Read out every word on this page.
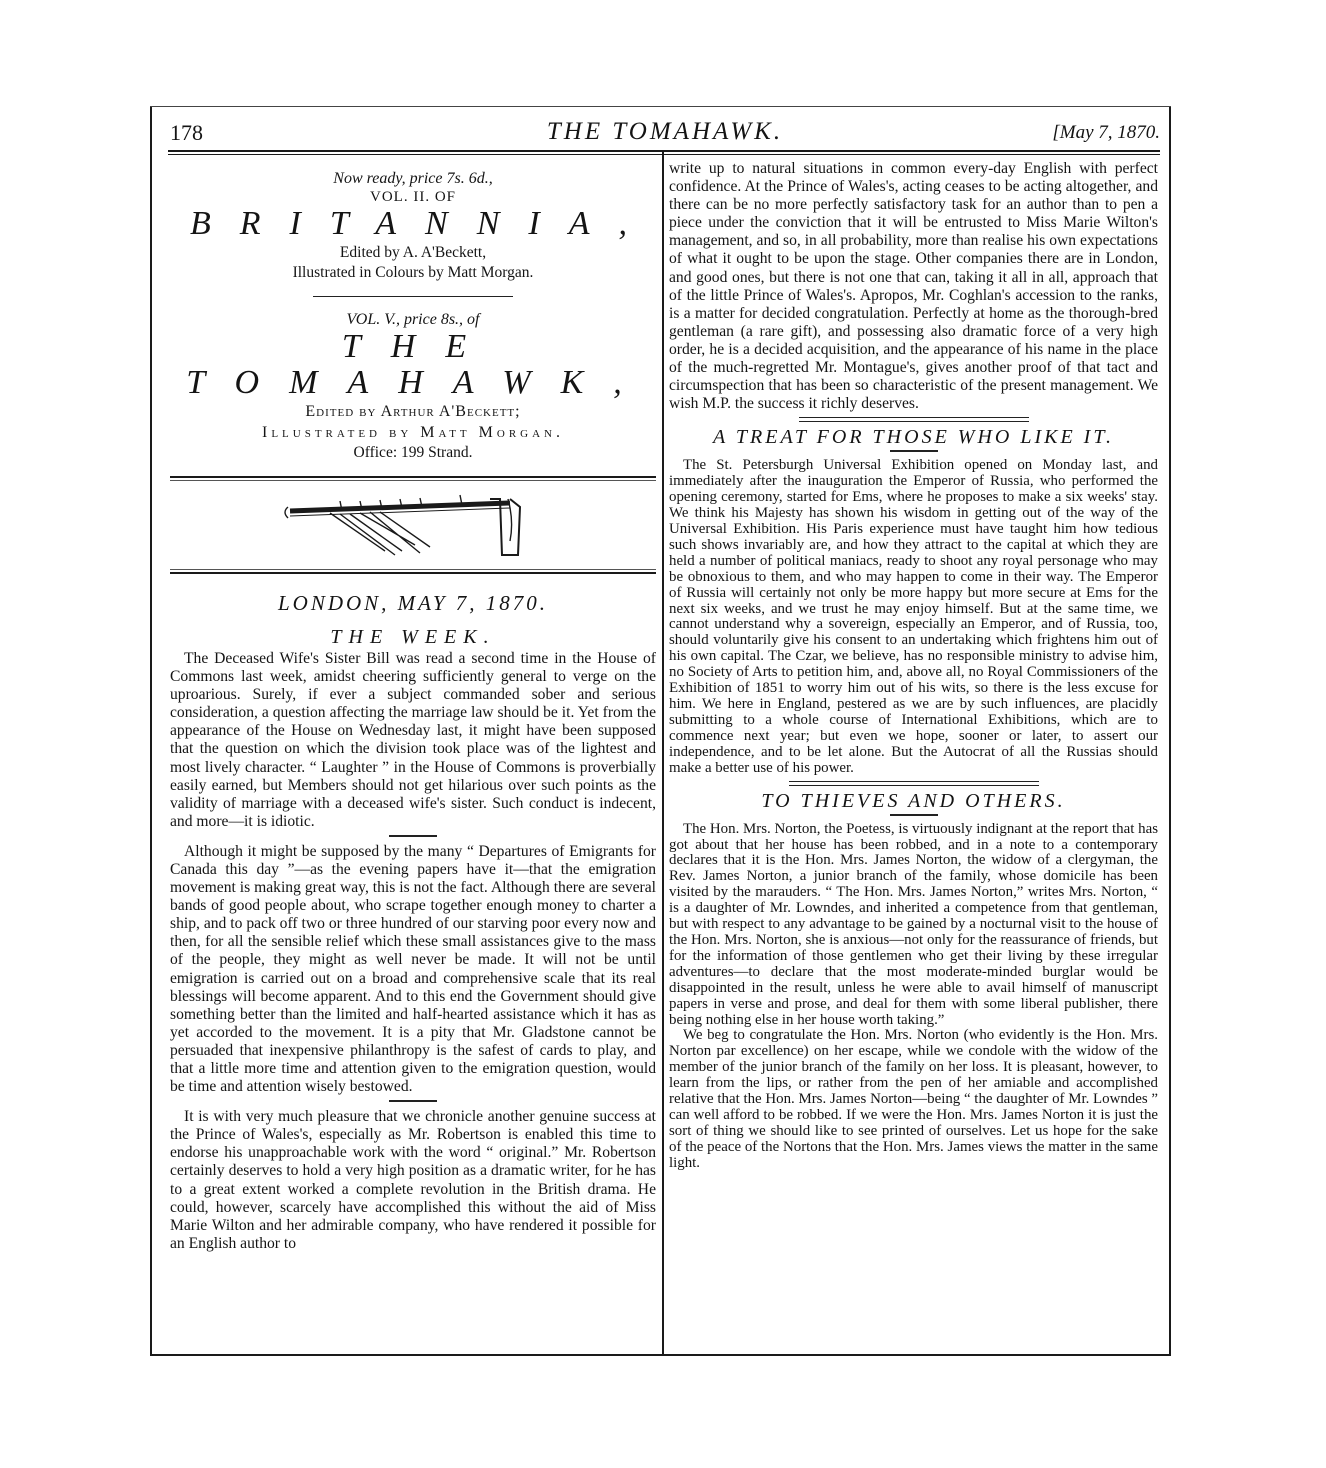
178	THE TOMAHAWK.	[May 7, 1870.
Now ready, price 7s. 6d.,
VOL. II. OF
BRITANNIA,
Edited by A. A'Beckett,
Illustrated in Colours by Matt Morgan.
VOL. V., price 8s., of
THE TOMAHAWK,
Edited by Arthur A'Beckett;
Illustrated by Matt Morgan.
Office: 199 Strand.
LONDON, MAY 7, 1870.
THE WEEK.

The Deceased Wife's Sister Bill was read a second time in the House of Commons last week, amidst cheering sufficiently general to verge on the uproarious. Surely, if ever a subject commanded sober and serious consideration, a question affecting the marriage law should be it. Yet from the appearance of the House on Wednesday last, it might have been supposed that the question on which the division took place was of the lightest and most lively character. “ Laughter ” in the House of Commons is proverbially easily earned, but Members should not get hilarious over such points as the validity of marriage with a deceased wife's sister. Such conduct is indecent, and more—it is idiotic.

Although it might be supposed by the many “ Departures of Emigrants for Canada this day ”—as the evening papers have it—that the emigration movement is making great way, this is not the fact. Although there are several bands of good people about, who scrape together enough money to charter a ship, and to pack off two or three hundred of our starving poor every now and then, for all the sensible relief which these small assistances give to the mass of the people, they might as well never be made. It will not be until emigration is carried out on a broad and comprehensive scale that its real blessings will become apparent. And to this end the Government should give something better than the limited and half-hearted assistance which it has as yet accorded to the movement. It is a pity that Mr. Gladstone cannot be persuaded that inexpensive philanthropy is the safest of cards to play, and that a little more time and attention given to the emigration question, would be time and attention wisely bestowed.

It is with very much pleasure that we chronicle another genuine success at the Prince of Wales's, especially as Mr. Robertson is enabled this time to endorse his unapproachable work with the word “ original.” Mr. Robertson certainly deserves to hold a very high position as a dramatic writer, for he has to a great extent worked a complete revolution in the British drama. He could, however, scarcely have accomplished this without the aid of Miss Marie Wilton and her admirable company, who have rendered it possible for an English author to

write up to natural situations in common every-day English with perfect confidence. At the Prince of Wales's, acting ceases to be acting altogether, and there can be no more perfectly satisfactory task for an author than to pen a piece under the conviction that it will be entrusted to Miss Marie Wilton's management, and so, in all probability, more than realise his own expectations of what it ought to be upon the stage. Other companies there are in London, and good ones, but there is not one that can, taking it all in all, approach that of the little Prince of Wales's. Apropos, Mr. Coghlan's accession to the ranks, is a matter for decided congratulation. Perfectly at home as the thorough-bred gentleman (a rare gift), and possessing also dramatic force of a very high order, he is a decided acquisition, and the appearance of his name in the place of the much-regretted Mr. Montague's, gives another proof of that tact and circumspection that has been so characteristic of the present management. We wish M.P. the success it richly deserves.

A TREAT FOR THOSE WHO LIKE IT.

The St. Petersburgh Universal Exhibition opened on Monday last, and immediately after the inauguration the Emperor of Russia, who performed the opening ceremony, started for Ems, where he proposes to make a six weeks' stay. We think his Majesty has shown his wisdom in getting out of the way of the Universal Exhibition. His Paris experience must have taught him how tedious such shows invariably are, and how they attract to the capital at which they are held a number of political maniacs, ready to shoot any royal personage who may be obnoxious to them, and who may happen to come in their way. The Emperor of Russia will certainly not only be more happy but more secure at Ems for the next six weeks, and we trust he may enjoy himself. But at the same time, we cannot understand why a sovereign, especially an Emperor, and of Russia, too, should voluntarily give his consent to an undertaking which frightens him out of his own capital. The Czar, we believe, has no responsible ministry to advise him, no Society of Arts to petition him, and, above all, no Royal Commissioners of the Exhibition of 1851 to worry him out of his wits, so there is the less excuse for him. We here in England, pestered as we are by such influences, are placidly submitting to a whole course of International Exhibitions, which are to commence next year; but even we hope, sooner or later, to assert our independence, and to be let alone. But the Autocrat of all the Russias should make a better use of his power.

TO THIEVES AND OTHERS.

The Hon. Mrs. Norton, the Poetess, is virtuously indignant at the report that has got about that her house has been robbed, and in a note to a contemporary declares that it is the Hon. Mrs. James Norton, the widow of a clergyman, the Rev. James Norton, a junior branch of the family, whose domicile has been visited by the marauders. “ The Hon. Mrs. James Norton,” writes Mrs. Norton, “ is a daughter of Mr. Lowndes, and inherited a competence from that gentleman, but with respect to any advantage to be gained by a nocturnal visit to the house of the Hon. Mrs. Norton, she is anxious—not only for the reassurance of friends, but for the information of those gentlemen who get their living by these irregular adventures—to declare that the most moderate-minded burglar would be disappointed in the result, unless he were able to avail himself of manuscript papers in verse and prose, and deal for them with some liberal publisher, there being nothing else in her house worth taking.”

We beg to congratulate the Hon. Mrs. Norton (who evidently is the Hon. Mrs. Norton par excellence) on her escape, while we condole with the widow of the member of the junior branch of the family on her loss. It is pleasant, however, to learn from the lips, or rather from the pen of her amiable and accomplished relative that the Hon. Mrs. James Norton—being “ the daughter of Mr. Lowndes ” can well afford to be robbed. If we were the Hon. Mrs. James Norton it is just the sort of thing we should like to see printed of ourselves. Let us hope for the sake of the peace of the Nortons that the Hon. Mrs. James views the matter in the same light.
